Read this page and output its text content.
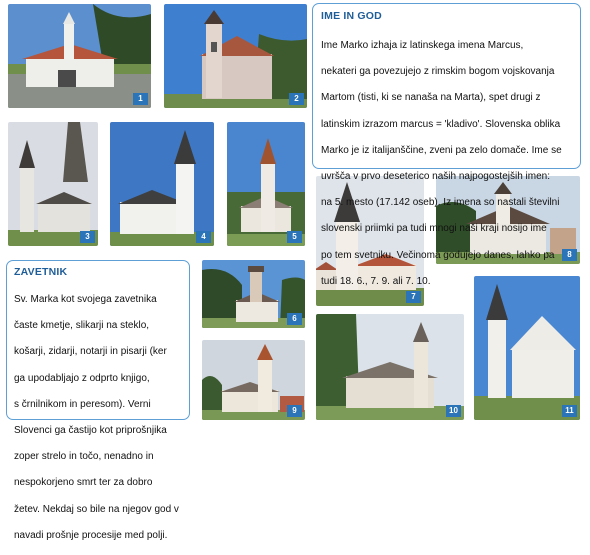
1	2
3	4	5
6
7
8
9	10	11
IME IN GOD

Ime Marko izhaja iz latinskega imena Marcus,

nekateri ga povezujejo z rimskim bogom vojskovanja

Martom (tisti, ki se nanaša na Marta), spet drugi z

latinskim izrazom marcus = 'kladivo'. Slovenska oblika

Marko je iz italijanščine, zveni pa zelo domače. Ime se

uvršča v prvo deseterico naših najpogostejših imen:

na 5. mesto (17.142 oseb). Iz imena so nastali številni

slovenski priimki pa tudi mnogi naši kraji nosijo ime

po tem svetniku. Večinoma godujejo danes, lahko pa

tudi 18. 6., 7. 9. ali 7. 10.

ZAVETNIK

Sv. Marka kot svojega zavetnika

časte kmetje, slikarji na steklo,

košarji, zidarji, notarji in pisarji (ker

ga upodabljajo z odprto knjigo,

s črnilnikom in peresom). Verni

Slovenci ga častijo kot priprošnjika

zoper strelo in točo, nenadno in

nespokorjeno smrt ter za dobro

žetev. Nekdaj so bile na njegov god v

navadi prošnje procesije med polji.
